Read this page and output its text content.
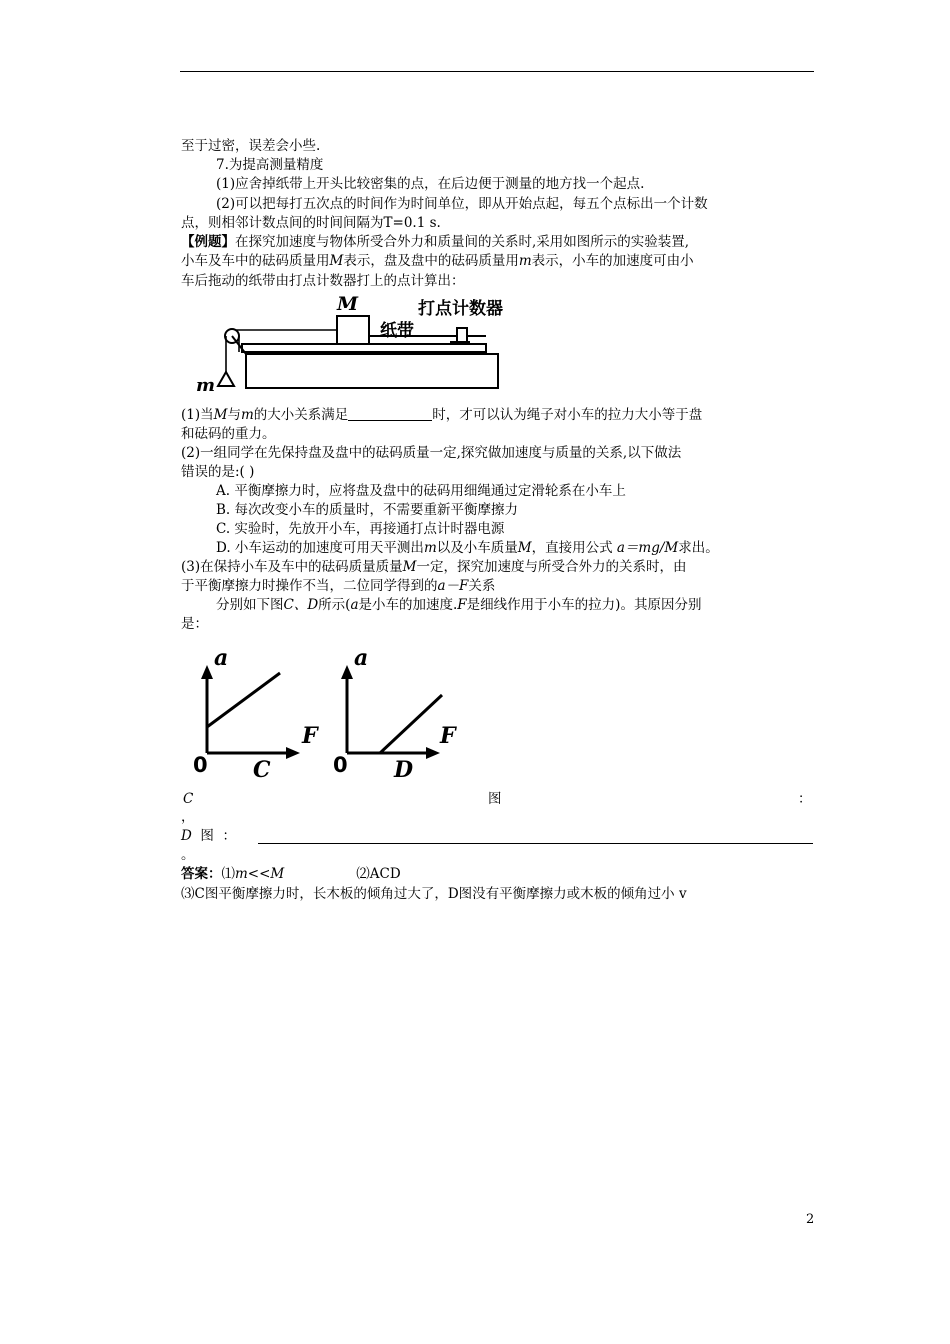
至于过密，误差会小些.
7.为提高测量精度
(1)应舍掉纸带上开头比较密集的点，在后边便于测量的地方找一个起点.
(2)可以把每打五次点的时间作为时间单位，即从开始点起，每五个点标出一个计数
点，则相邻计数点间的时间间隔为T=0.1 s.
【例题】在探究加速度与物体所受合外力和质量间的关系时,采用如图所示的实验装置,
小车及车中的砝码质量用M表示，盘及盘中的砝码质量用m表示，小车的加速度可由小
车后拖动的纸带由打点计数器打上的点计算出：
M	打点计数器
纸带
m
(1)当M与m的大小关系满足	时，才可以认为绳子对小车的拉力大小等于盘
和砝码的重力。
(2)一组同学在先保持盘及盘中的砝码质量一定,探究做加速度与质量的关系,以下做法
错误的是:( )
A. 平衡摩擦力时，应将盘及盘中的砝码用细绳通过定滑轮系在小车上
B. 每次改变小车的质量时，不需要重新平衡摩擦力
C. 实验时，先放开小车，再接通打点计时器电源
D. 小车运动的加速度可用天平测出m以及小车质量M，直接用公式 a＝mg/M求出。
(3)在保持小车及车中的砝码质量质量M一定，探究加速度与所受合外力的关系时，由
于平衡摩擦力时操作不当，二位同学得到的a－F关系
分别如下图C、D所示(a是小车的加速度.F是细线作用于小车的拉力)。其原因分别
是：
a
F
0 C
a
F
0 D
C	图	：
，
D 图 ：
。
答案：⑴m<<M	⑵ACD
⑶C图平衡摩擦力时，长木板的倾角过大了，D图没有平衡摩擦力或木板的倾角过小 v
2
